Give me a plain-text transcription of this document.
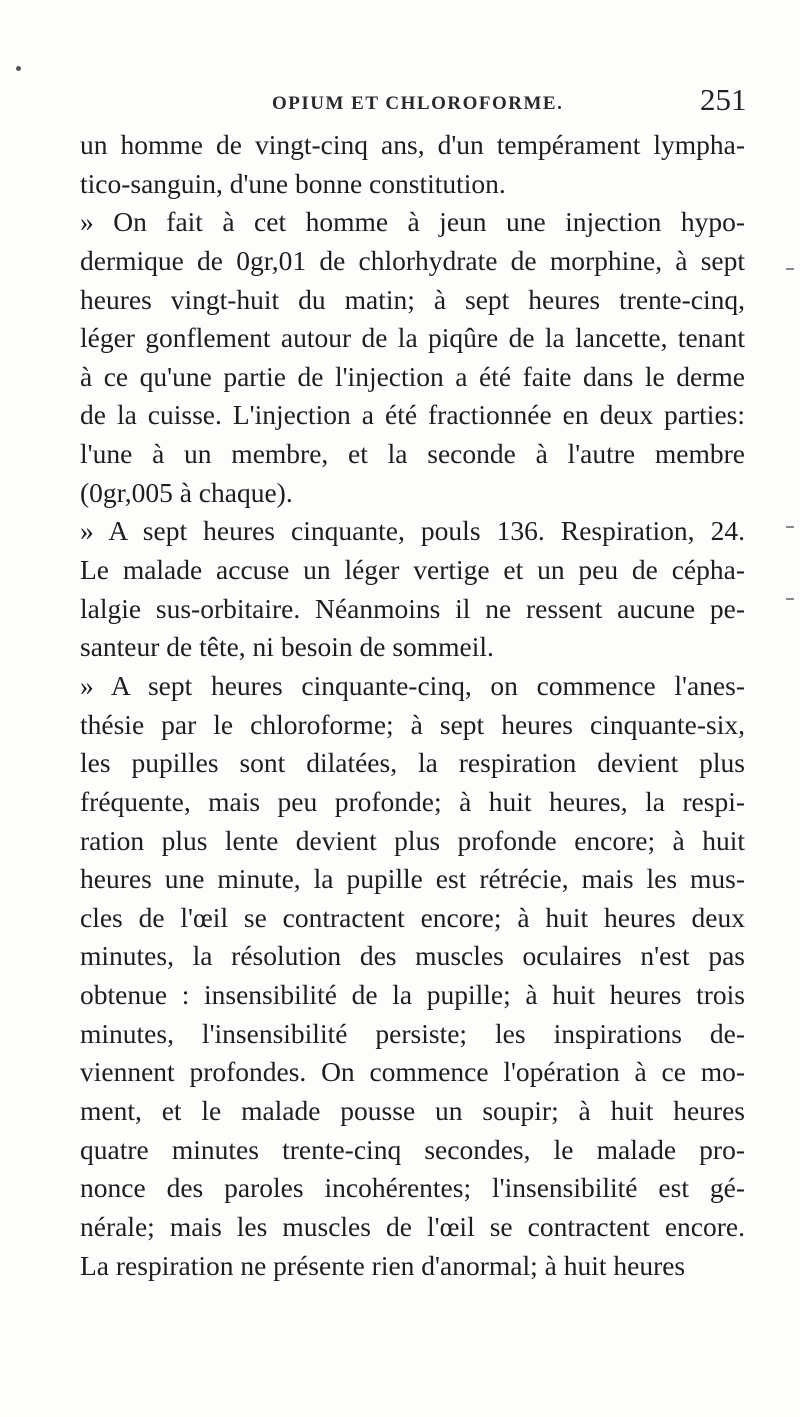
OPIUM ET CHLOROFORME.	251
un homme de vingt-cinq ans, d'un tempérament lympha-
tico-sanguin, d'une bonne constitution.
» On fait à cet homme à jeun une injection hypo-
dermique de 0gr,01 de chlorhydrate de morphine, à sept
heures vingt-huit du matin; à sept heures trente-cinq,
léger gonflement autour de la piqûre de la lancette, tenant
à ce qu'une partie de l'injection a été faite dans le derme
de la cuisse. L'injection a été fractionnée en deux parties:
l'une à un membre, et la seconde à l'autre membre
(0gr,005 à chaque).
» A sept heures cinquante, pouls 136. Respiration, 24.
Le malade accuse un léger vertige et un peu de cépha-
lalgie sus-orbitaire. Néanmoins il ne ressent aucune pe-
santeur de tête, ni besoin de sommeil.
» A sept heures cinquante-cinq, on commence l'anes-
thésie par le chloroforme; à sept heures cinquante-six,
les pupilles sont dilatées, la respiration devient plus
fréquente, mais peu profonde; à huit heures, la respi-
ration plus lente devient plus profonde encore; à huit
heures une minute, la pupille est rétrécie, mais les mus-
cles de l'œil se contractent encore; à huit heures deux
minutes, la résolution des muscles oculaires n'est pas
obtenue : insensibilité de la pupille; à huit heures trois
minutes, l'insensibilité persiste; les inspirations de-
viennent profondes. On commence l'opération à ce mo-
ment, et le malade pousse un soupir; à huit heures
quatre minutes trente-cinq secondes, le malade pro-
nonce des paroles incohérentes; l'insensibilité est gé-
nérale; mais les muscles de l'œil se contractent encore.
La respiration ne présente rien d'anormal; à huit heures
